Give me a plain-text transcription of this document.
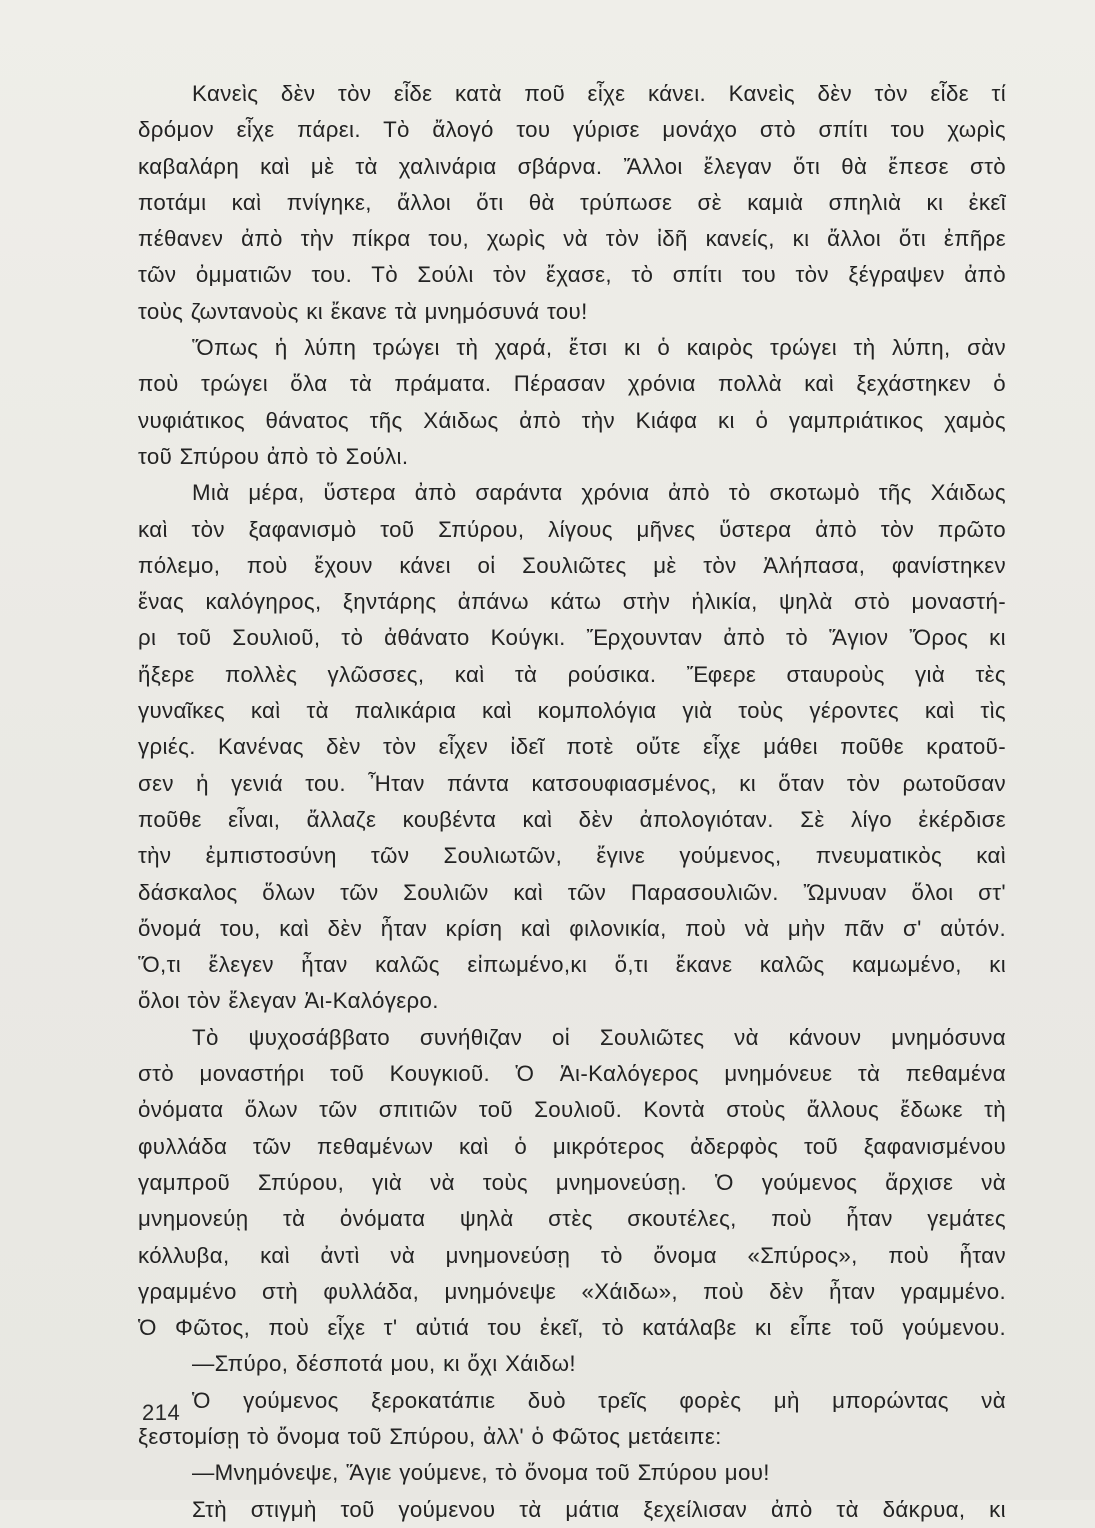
Κανεὶς δὲν τὸν εἶδε κατὰ ποῦ εἶχε κάνει. Κανεὶς δὲν τὸν εἶδε τί
δρόμον εἶχε πάρει. Τὸ ἄλογό του γύρισε μονάχο στὸ σπίτι του χωρὶς
καβαλάρη καὶ μὲ τὰ χαλινάρια σβάρνα. Ἄλλοι ἔλεγαν ὅτι θὰ ἔπεσε στὸ
ποτάμι καὶ πνίγηκε, ἄλλοι ὅτι θὰ τρύπωσε σὲ καμιὰ σπηλιὰ κι ἐκεῖ
πέθανεν ἀπὸ τὴν πίκρα του, χωρὶς νὰ τὸν ἰδῆ κανείς, κι ἄλλοι ὅτι ἐπῆρε
τῶν ὀμματιῶν του. Τὸ Σούλι τὸν ἔχασε, τὸ σπίτι του τὸν ξέγραψεν ἀπὸ
τοὺς ζωντανοὺς κι ἔκανε τὰ μνημόσυνά του!
Ὅπως ἡ λύπη τρώγει τὴ χαρά, ἔτσι κι ὁ καιρὸς τρώγει τὴ λύπη, σὰν
ποὺ τρώγει ὅλα τὰ πράματα. Πέρασαν χρόνια πολλὰ καὶ ξεχάστηκεν ὁ
νυφιάτικος θάνατος τῆς Χάιδως ἀπὸ τὴν Κιάφα κι ὁ γαμπριάτικος χαμὸς
τοῦ Σπύρου ἀπὸ τὸ Σούλι.
Μιὰ μέρα, ὕστερα ἀπὸ σαράντα χρόνια ἀπὸ τὸ σκοτωμὸ τῆς Χάιδως
καὶ τὸν ξαφανισμὸ τοῦ Σπύρου, λίγους μῆνες ὕστερα ἀπὸ τὸν πρῶτο
πόλεμο, ποὺ ἔχουν κάνει οἱ Σουλιῶτες μὲ τὸν Ἀλήπασα, φανίστηκεν
ἕνας καλόγηρος, ξηντάρης ἀπάνω κάτω στὴν ἡλικία, ψηλὰ στὸ μοναστή-
ρι τοῦ Σουλιοῦ, τὸ ἀθάνατο Κούγκι. Ἔρχουνταν ἀπὸ τὸ Ἅγιον Ὄρος κι
ἤξερε πολλὲς γλῶσσες, καὶ τὰ ρούσικα. Ἔφερε σταυροὺς γιὰ τὲς
γυναῖκες καὶ τὰ παλικάρια καὶ κομπολόγια γιὰ τοὺς γέροντες καὶ τὶς
γριές. Κανένας δὲν τὸν εἶχεν ἰδεῖ ποτὲ οὔτε εἶχε μάθει ποῦθε κρατοῦ-
σεν ἡ γενιά του. Ἦταν πάντα κατσουφιασμένος, κι ὅταν τὸν ρωτοῦσαν
ποῦθε εἶναι, ἄλλαζε κουβέντα καὶ δὲν ἀπολογιόταν. Σὲ λίγο ἐκέρδισε
τὴν ἐμπιστοσύνη τῶν Σουλιωτῶν, ἔγινε γούμενος, πνευματικὸς καὶ
δάσκαλος ὅλων τῶν Σουλιῶν καὶ τῶν Παρασουλιῶν. Ὤμνυαν ὅλοι στ'
ὄνομά του, καὶ δὲν ἦταν κρίση καὶ φιλονικία, ποὺ νὰ μὴν πᾶν σ' αὐτόν.
Ὅ,τι ἔλεγεν ἦταν καλῶς εἰπωμένο,κι ὅ,τι ἔκανε καλῶς καμωμένο, κι
ὅλοι τὸν ἔλεγαν Ἁι-Καλόγερο.
Τὸ ψυχοσάββατο συνήθιζαν οἱ Σουλιῶτες νὰ κάνουν μνημόσυνα
στὸ μοναστήρι τοῦ Κουγκιοῦ. Ὁ Ἁι-Καλόγερος μνημόνευε τὰ πεθαμένα
ὀνόματα ὅλων τῶν σπιτιῶν τοῦ Σουλιοῦ. Κοντὰ στοὺς ἄλλους ἔδωκε τὴ
φυλλάδα τῶν πεθαμένων καὶ ὁ μικρότερος ἀδερφὸς τοῦ ξαφανισμένου
γαμπροῦ Σπύρου, γιὰ νὰ τοὺς μνημονεύσῃ. Ὁ γούμενος ἄρχισε νὰ
μνημονεύῃ τὰ ὀνόματα ψηλὰ στὲς σκουτέλες, ποὺ ἦταν γεμάτες
κόλλυβα, καὶ ἀντὶ νὰ μνημονεύσῃ τὸ ὄνομα «Σπύρος», ποὺ ἦταν
γραμμένο στὴ φυλλάδα, μνημόνεψε «Χάιδω», ποὺ δὲν ἦταν γραμμένο.
Ὁ Φῶτος, ποὺ εἶχε τ' αὐτιά του ἐκεῖ, τὸ κατάλαβε κι εἶπε τοῦ γούμενου.
—Σπύρο, δέσποτά μου, κι ὄχι Χάιδω!
Ὁ γούμενος ξεροκατάπιε δυὸ τρεῖς φορὲς μὴ μπορώντας νὰ
ξεστομίσῃ τὸ ὄνομα τοῦ Σπύρου, ἀλλ' ὁ Φῶτος μετάειπε:
—Μνημόνεψε, Ἅγιε γούμενε, τὸ ὄνομα τοῦ Σπύρου μου!
Στὴ στιγμὴ τοῦ γούμενου τὰ μάτια ξεχείλισαν ἀπὸ τὰ δάκρυα, κι
214
